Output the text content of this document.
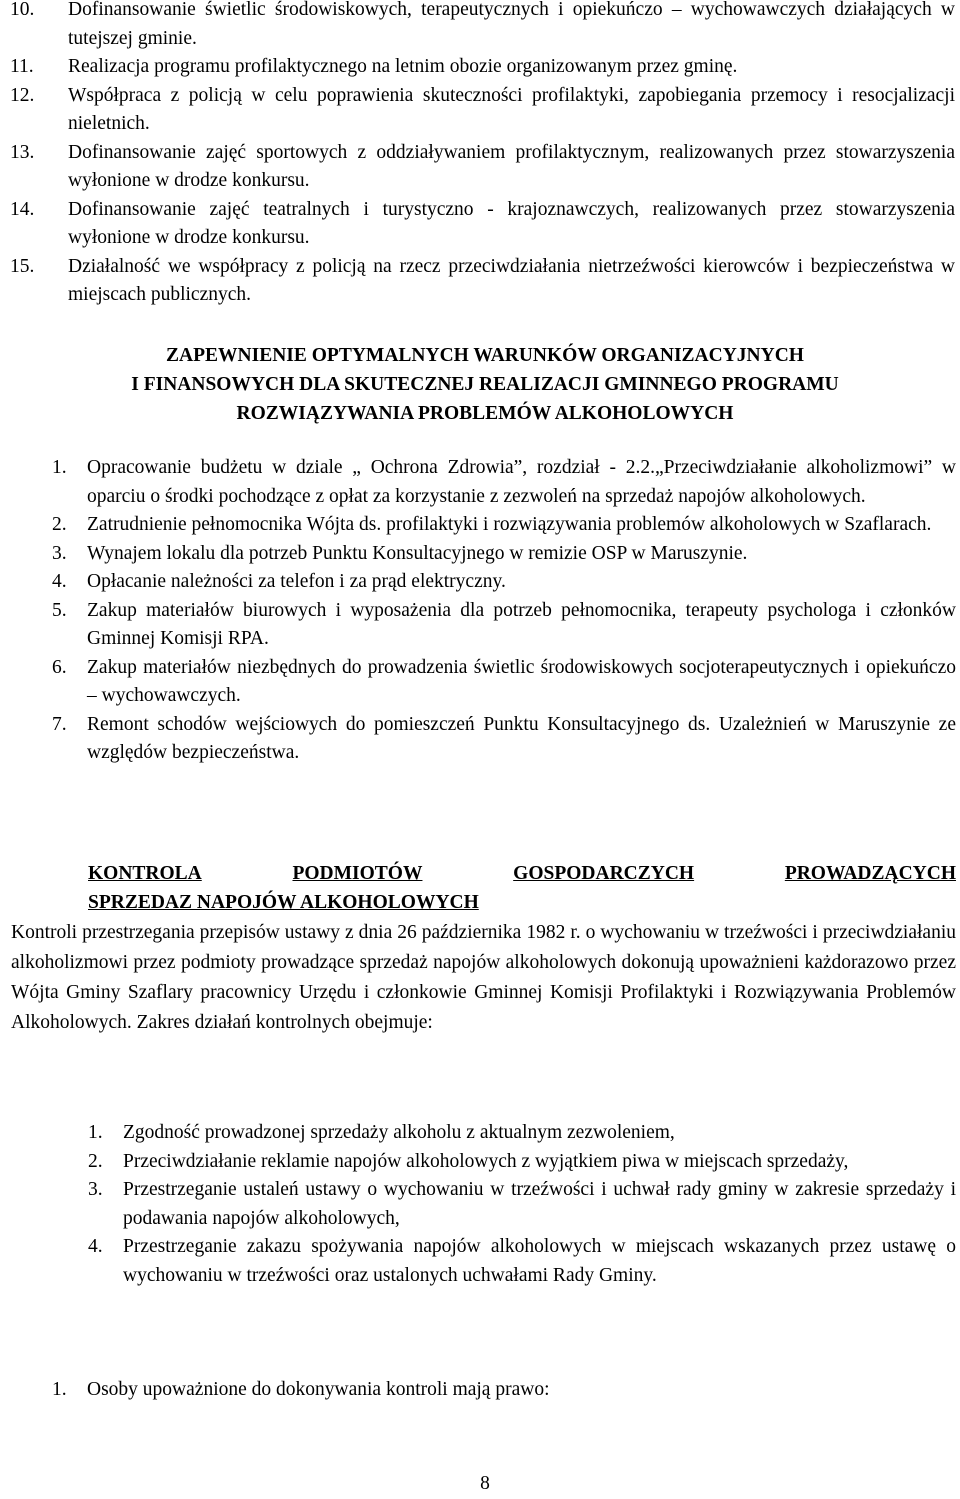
10.	Dofinansowanie świetlic środowiskowych, terapeutycznych i opiekuńczo – wychowawczych działających w tutejszej gminie.
11.	Realizacja programu profilaktycznego na letnim obozie organizowanym przez gminę.
12.	Współpraca z policją w celu poprawienia skuteczności profilaktyki, zapobiegania przemocy i resocjalizacji nieletnich.
13.	Dofinansowanie zajęć sportowych z oddziaływaniem profilaktycznym, realizowanych przez stowarzyszenia wyłonione w drodze konkursu.
14.	Dofinansowanie zajęć teatralnych i turystyczno - krajoznawczych, realizowanych przez stowarzyszenia wyłonione w drodze konkursu.
15.	Działalność we współpracy z policją na rzecz przeciwdziałania nietrzeźwości kierowców i bezpieczeństwa w miejscach publicznych.
ZAPEWNIENIE OPTYMALNYCH WARUNKÓW ORGANIZACYJNYCH
I FINANSOWYCH DLA SKUTECZNEJ REALIZACJI GMINNEGO PROGRAMU
ROZWIĄZYWANIA PROBLEMÓW ALKOHOLOWYCH
1.	Opracowanie budżetu w dziale „ Ochrona Zdrowia”, rozdział - 2.2.„Przeciwdziałanie alkoholizmowi” w oparciu o środki pochodzące z opłat za korzystanie z zezwoleń na sprzedaż napojów alkoholowych.
2.	Zatrudnienie pełnomocnika Wójta ds. profilaktyki i rozwiązywania problemów alkoholowych w Szaflarach.
3.	Wynajem lokalu dla potrzeb Punktu Konsultacyjnego w remizie OSP w Maruszynie.
4.	Opłacanie należności za telefon i za prąd elektryczny.
5.	Zakup materiałów biurowych i wyposażenia dla potrzeb pełnomocnika, terapeuty psychologa i członków Gminnej Komisji RPA.
6.	Zakup materiałów niezbędnych do prowadzenia świetlic środowiskowych socjoterapeutycznych i opiekuńczo – wychowawczych.
7.	Remont schodów wejściowych do pomieszczeń Punktu Konsultacyjnego ds. Uzależnień w Maruszynie ze względów bezpieczeństwa.
KONTROLA	PODMIOTÓW	GOSPODARCZYCH	PROWADZĄCYCH
SPRZEDAZ NAPOJÓW ALKOHOLOWYCH

Kontroli przestrzegania przepisów ustawy z dnia 26 października 1982 r. o wychowaniu w trzeźwości i przeciwdziałaniu alkoholizmowi przez podmioty prowadzące sprzedaż napojów alkoholowych dokonują upoważnieni każdorazowo przez Wójta Gminy Szaflary pracownicy Urzędu i członkowie Gminnej Komisji Profilaktyki i Rozwiązywania Problemów Alkoholowych. Zakres działań kontrolnych obejmuje:

1.	Zgodność prowadzonej sprzedaży alkoholu z aktualnym zezwoleniem,
2.	Przeciwdziałanie reklamie napojów alkoholowych z wyjątkiem piwa w miejscach sprzedaży,
3.	Przestrzeganie ustaleń ustawy o wychowaniu w trzeźwości i uchwał rady gminy w zakresie sprzedaży i podawania napojów alkoholowych,
4.	Przestrzeganie zakazu spożywania napojów alkoholowych w miejscach wskazanych przez ustawę o wychowaniu w trzeźwości oraz ustalonych uchwałami Rady Gminy.
1.	Osoby upoważnione do dokonywania kontroli mają prawo:
8
